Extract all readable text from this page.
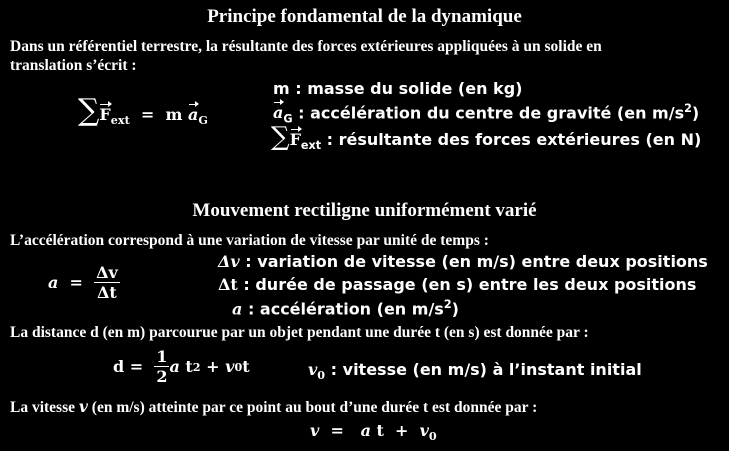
Principe fondamental de la dynamique
Dans un référentiel terrestre, la résultante des forces extérieures appliquées à un solide en
translation s’écrit :
$\sum F_{ext} = m$ $a_G$
m : masse du solide (en kg)
$a_G$ : accélération du centre de gravité (en $m/s^2$)
$\sum F_{ext}$ : résultante des forces extérieures (en N)
Mouvement rectiligne uniformément varié
L’accélération correspond à une variation de vitesse par unité de temps :
a
=
$\frac{\Delta v}{\Delta t}$
Δv : variation de vitesse (en m/s) entre deux positions
Δt : durée de passage (en s) entre les deux positions
a : accélération (en $m/s^2$)
La distance d (en m) parcourue par un objet pendant une durée t (en s) est donnée par :
d
=
$\frac{1}{2}$ a
t 2
+
v 0 t	$v_0$ : vitesse (en m/s) à l’instant initial
La vitesse v (en m/s) atteinte par ce point au bout d’une durée t est donnée par :
v = a $t + v_0$
